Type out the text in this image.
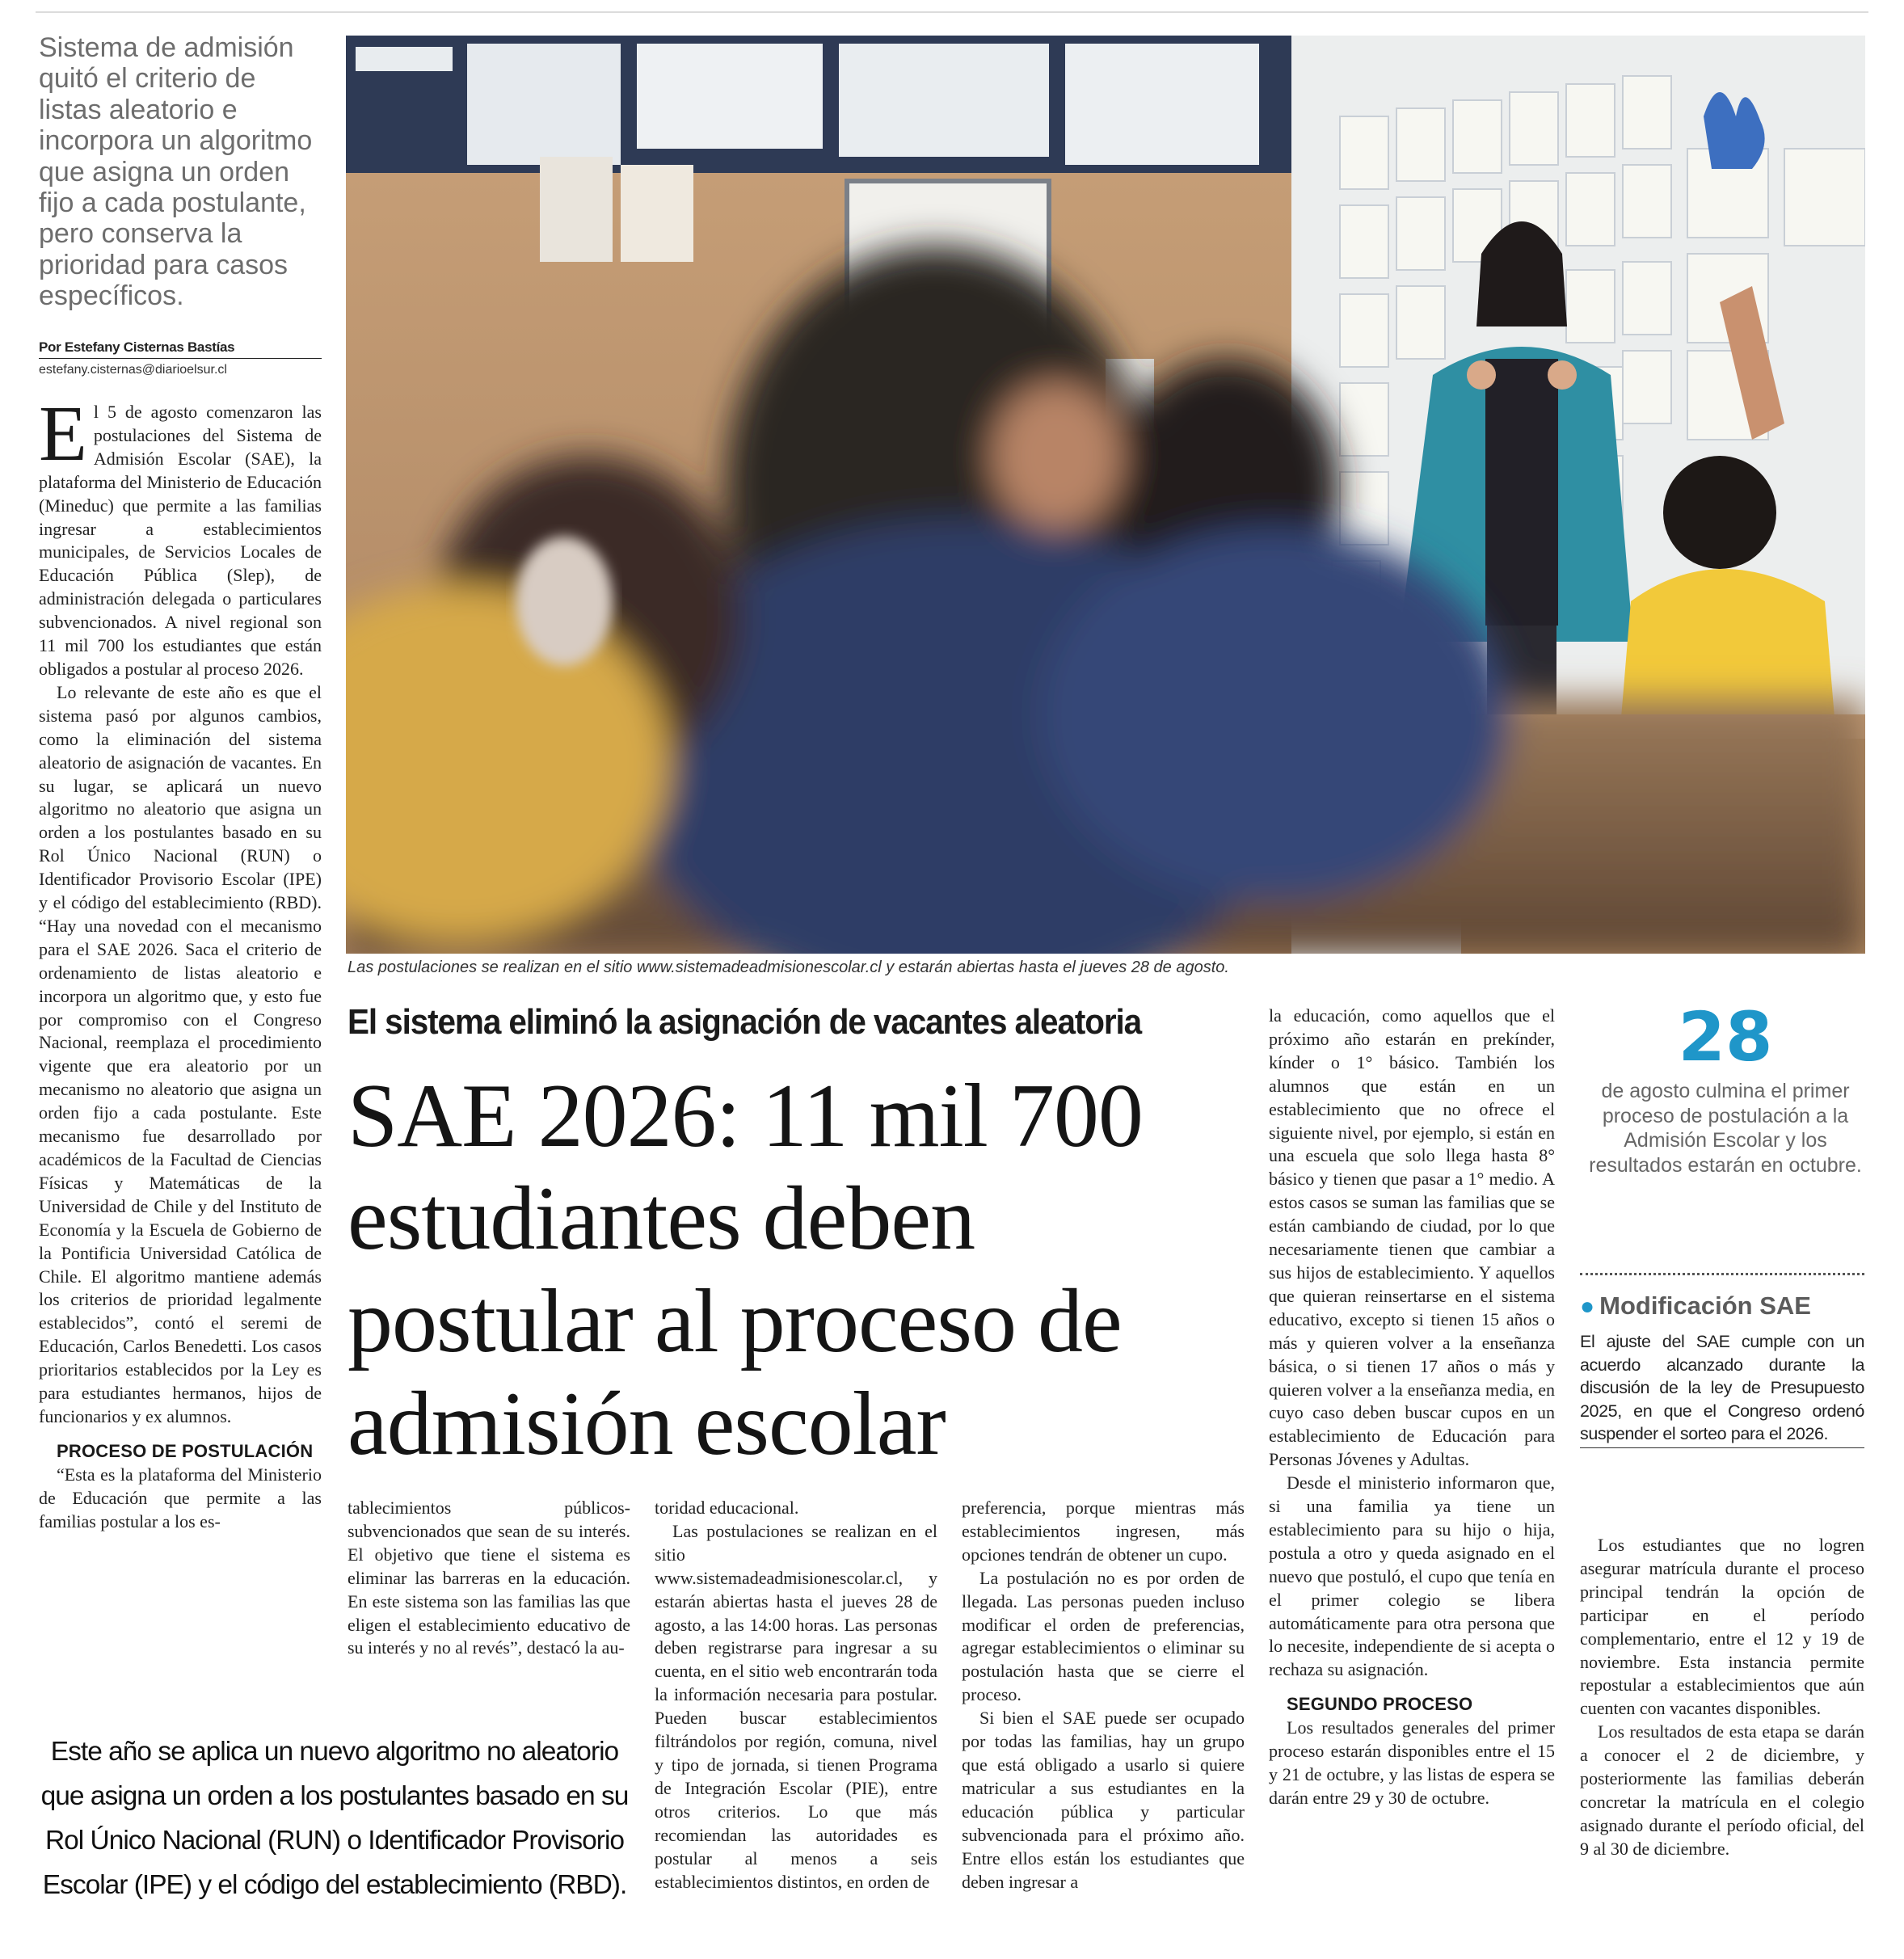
Sistema de admisión quitó el criterio de listas aleatorio e incorpora un algoritmo que asigna un orden fijo a cada postulante, pero conserva la prioridad para casos específicos.

Por Estefany Cisternas Bastías
estefany.cisternas@diarioelsur.cl

El 5 de agosto comenzaron las postulaciones del Sistema de Admisión Escolar (SAE), la plataforma del Ministerio de Educación (Mineduc) que permite a las familias ingresar a establecimientos municipales, de Servicios Locales de Educación Pública (Slep), de administración delegada o particulares subvencionados. A nivel regional son 11 mil 700 los estudiantes que están obligados a postular al proceso 2026.

Lo relevante de este año es que el sistema pasó por algunos cambios, como la eliminación del sistema aleatorio de asignación de vacantes. En su lugar, se aplicará un nuevo algoritmo no aleatorio que asigna un orden a los postulantes basado en su Rol Único Nacional (RUN) o Identificador Provisorio Escolar (IPE) y el código del establecimiento (RBD). “Hay una novedad con el mecanismo para el SAE 2026. Saca el criterio de ordenamiento de listas aleatorio e incorpora un algoritmo que, y esto fue por compromiso con el Congreso Nacional, reemplaza el procedimiento vigente que era aleatorio por un mecanismo no aleatorio que asigna un orden fijo a cada postulante. Este mecanismo fue desarrollado por académicos de la Facultad de Ciencias Físicas y Matemáticas de la Universidad de Chile y del Instituto de Economía y la Escuela de Gobierno de la Pontificia Universidad Católica de Chile. El algoritmo mantiene además los criterios de prioridad legalmente establecidos”, contó el seremi de Educación, Carlos Benedetti. Los casos prioritarios establecidos por la Ley es para estudiantes hermanos, hijos de funcionarios y ex alumnos.

PROCESO DE POSTULACIÓN

“Esta es la plataforma del Ministerio de Educación que permite a las familias postular a los es-

Las postulaciones se realizan en el sitio www.sistemadeadmisionescolar.cl y estarán abiertas hasta el jueves 28 de agosto.
El sistema eliminó la asignación de vacantes aleatoria
SAE 2026: 11 mil 700 estudiantes deben postular al proceso de admisión escolar

tablecimientos públicos-subvencionados que sean de su interés. El objetivo que tiene el sistema es eliminar las barreras en la educación. En este sistema son las familias las que eligen el establecimiento educativo de su interés y no al revés”, destacó la au-

toridad educacional.

Las postulaciones se realizan en el sitio www.sistemadeadmisionescolar.cl, y estarán abiertas hasta el jueves 28 de agosto, a las 14:00 horas. Las personas deben registrarse para ingresar a su cuenta, en el sitio web encontrarán toda la información necesaria para postular. Pueden buscar establecimientos filtrándolos por región, comuna, nivel y tipo de jornada, si tienen Programa de Integración Escolar (PIE), entre otros criterios. Lo que más recomiendan las autoridades es postular al menos a seis establecimientos distintos, en orden de

preferencia, porque mientras más establecimientos ingresen, más opciones tendrán de obtener un cupo.

La postulación no es por orden de llegada. Las personas pueden incluso modificar el orden de preferencias, agregar establecimientos o eliminar su postulación hasta que se cierre el proceso.

Si bien el SAE puede ser ocupado por todas las familias, hay un grupo que está obligado a usarlo si quiere matricular a sus estudiantes en la educación pública y particular subvencionada para el próximo año. Entre ellos están los estudiantes que deben ingresar a

la educación, como aquellos que el próximo año estarán en prekínder, kínder o 1° básico. También los alumnos que están en un establecimiento que no ofrece el siguiente nivel, por ejemplo, si están en una escuela que solo llega hasta 8° básico y tienen que pasar a 1° medio. A estos casos se suman las familias que se están cambiando de ciudad, por lo que necesariamente tienen que cambiar a sus hijos de establecimiento. Y aquellos que quieran reinsertarse en el sistema educativo, excepto si tienen 15 años o más y quieren volver a la enseñanza básica, o si tienen 17 años o más y quieren volver a la enseñanza media, en cuyo caso deben buscar cupos en un establecimiento de Educación para Personas Jóvenes y Adultas.

Desde el ministerio informaron que, si una familia ya tiene un establecimiento para su hijo o hija, postula a otro y queda asignado en el nuevo que postuló, el cupo que tenía en el primer colegio se libera automáticamente para otra persona que lo necesite, independiente de si acepta o rechaza su asignación.

SEGUNDO PROCESO

Los resultados generales del primer proceso estarán disponibles entre el 15 y 21 de octubre, y las listas de espera se darán entre 29 y 30 de octubre.

28

de agosto culmina el primer proceso de postulación a la Admisión Escolar y los resultados estarán en octubre.

● Modificación SAE

El ajuste del SAE cumple con un acuerdo alcanzado durante la discusión de la ley de Presupuesto 2025, en que el Congreso ordenó suspender el sorteo para el 2026.

Los estudiantes que no logren asegurar matrícula durante el proceso principal tendrán la opción de participar en el período complementario, entre el 12 y 19 de noviembre. Esta instancia permite repostular a establecimientos que aún cuenten con vacantes disponibles.

Los resultados de esta etapa se darán a conocer el 2 de diciembre, y posteriormente las familias deberán concretar la matrícula en el colegio asignado durante el período oficial, del 9 al 30 de diciembre.

Este año se aplica un nuevo algoritmo no aleatorio que asigna un orden a los postulantes basado en su Rol Único Nacional (RUN) o Identificador Provisorio Escolar (IPE) y el código del establecimiento (RBD).
